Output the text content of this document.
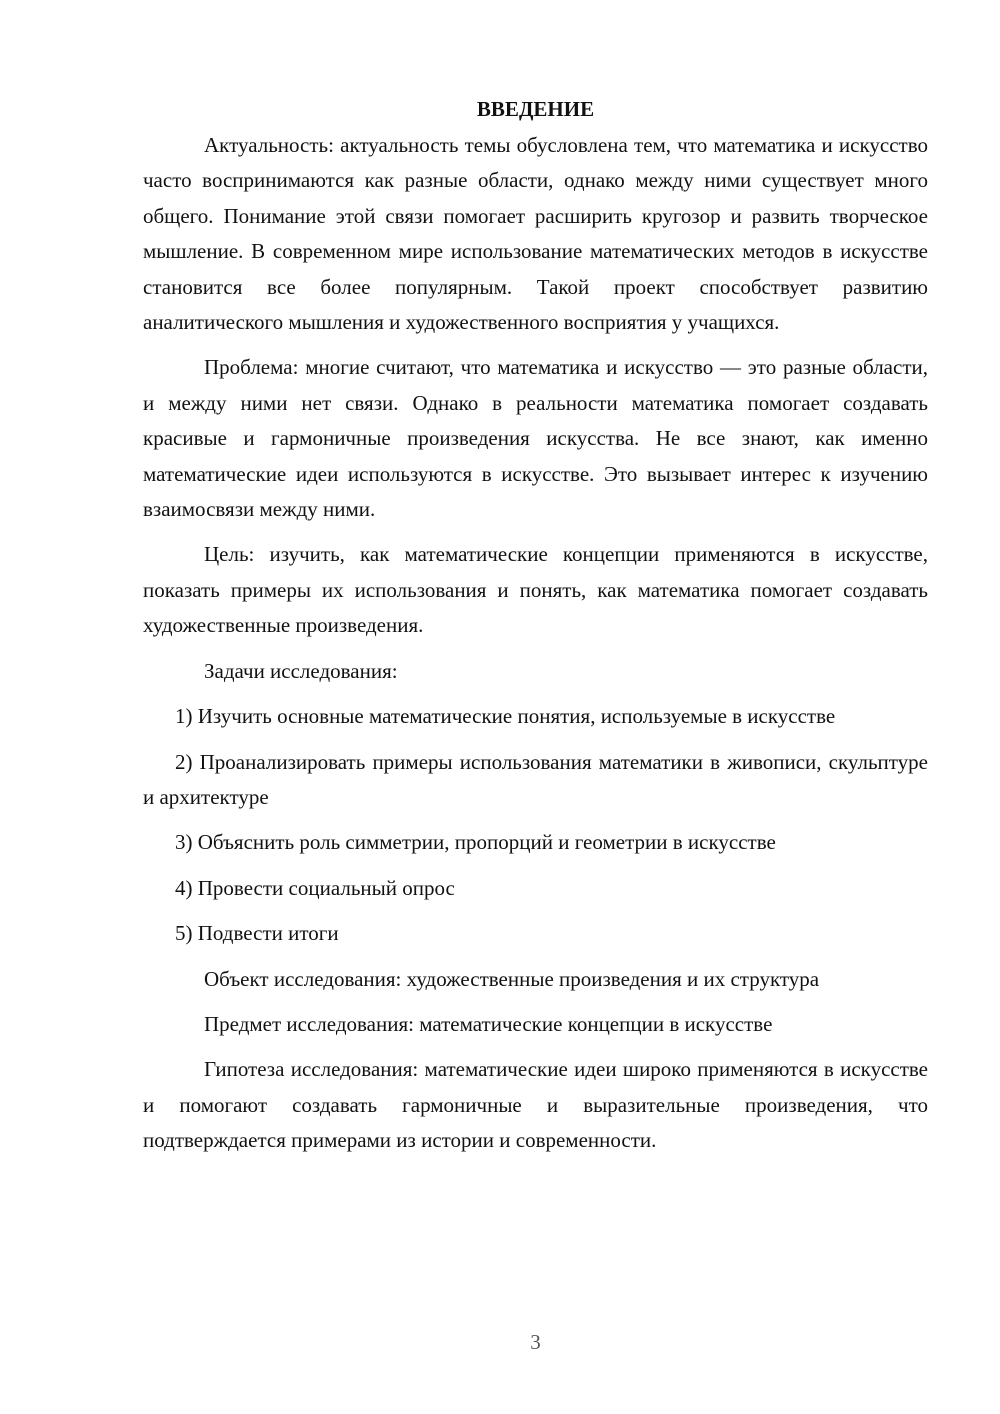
ВВЕДЕНИЕ

Актуальность: актуальность темы обусловлена тем, что математика и искусство часто воспринимаются как разные области, однако между ними существует много общего. Понимание этой связи помогает расширить кругозор и развить творческое мышление. В современном мире использование математических методов в искусстве становится все более популярным. Такой проект способствует развитию аналитического мышления и художественного восприятия у учащихся.

Проблема: многие считают, что математика и искусство — это разные области, и между ними нет связи. Однако в реальности математика помогает создавать красивые и гармоничные произведения искусства. Не все знают, как именно математические идеи используются в искусстве. Это вызывает интерес к изучению взаимосвязи между ними.

Цель: изучить, как математические концепции применяются в искусстве, показать примеры их использования и понять, как математика помогает создавать художественные произведения.

Задачи исследования:

1) Изучить основные математические понятия, используемые в искусстве

2) Проанализировать примеры использования математики в живописи, скульптуре и архитектуре

3) Объяснить роль симметрии, пропорций и геометрии в искусстве

4) Провести социальный опрос

5) Подвести итоги

Объект исследования: художественные произведения и их структура

Предмет исследования: математические концепции в искусстве

Гипотеза исследования: математические идеи широко применяются в искусстве и помогают создавать гармоничные и выразительные произведения, что подтверждается примерами из истории и современности.

3
